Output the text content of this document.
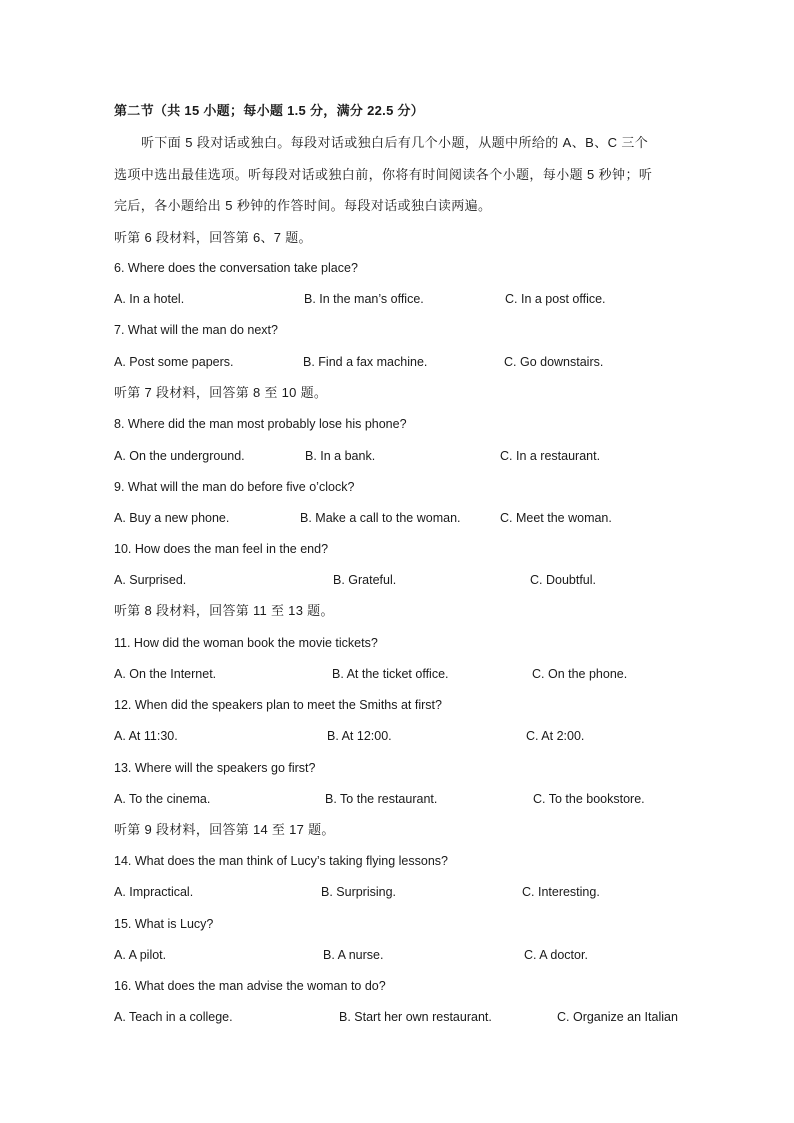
第二节（共 15 小题；每小题 1.5 分，满分 22.5 分）
听下面 5 段对话或独白。每段对话或独白后有几个小题，从题中所给的 A、B、C 三个
选项中选出最佳选项。听每段对话或独白前，你将有时间阅读各个小题，每小题 5 秒钟；听
完后，各小题给出 5 秒钟的作答时间。每段对话或独白读两遍。
听第 6 段材料，回答第 6、7 题。
6. Where does the conversation take place?
A. In a hotel.	B. In the man’s office.	C. In a post office.
7. What will the man do next?
A. Post some papers.	B. Find a fax machine.	C. Go downstairs.
听第 7 段材料，回答第 8 至 10 题。
8. Where did the man most probably lose his phone?
A. On the underground.	B. In a bank.	C. In a restaurant.
9. What will the man do before five o’clock?
A. Buy a new phone.	B. Make a call to the woman.	C. Meet the woman.
10. How does the man feel in the end?
A. Surprised.	B. Grateful.	C. Doubtful.
听第 8 段材料，回答第 11 至 13 题。
11. How did the woman book the movie tickets?
A. On the Internet.	B. At the ticket office.	C. On the phone.
12. When did the speakers plan to meet the Smiths at first?
A. At 11:30.	B. At 12:00.	C. At 2:00.
13. Where will the speakers go first?
A. To the cinema.	B. To the restaurant.	C. To the bookstore.
听第 9 段材料，回答第 14 至 17 题。
14. What does the man think of Lucy’s taking flying lessons?
A. Impractical.	B. Surprising.	C. Interesting.
15. What is Lucy?
A. A pilot.	B. A nurse.	C. A doctor.
16. What does the man advise the woman to do?
A. Teach in a college.	B. Start her own restaurant.	C. Organize an Italian
